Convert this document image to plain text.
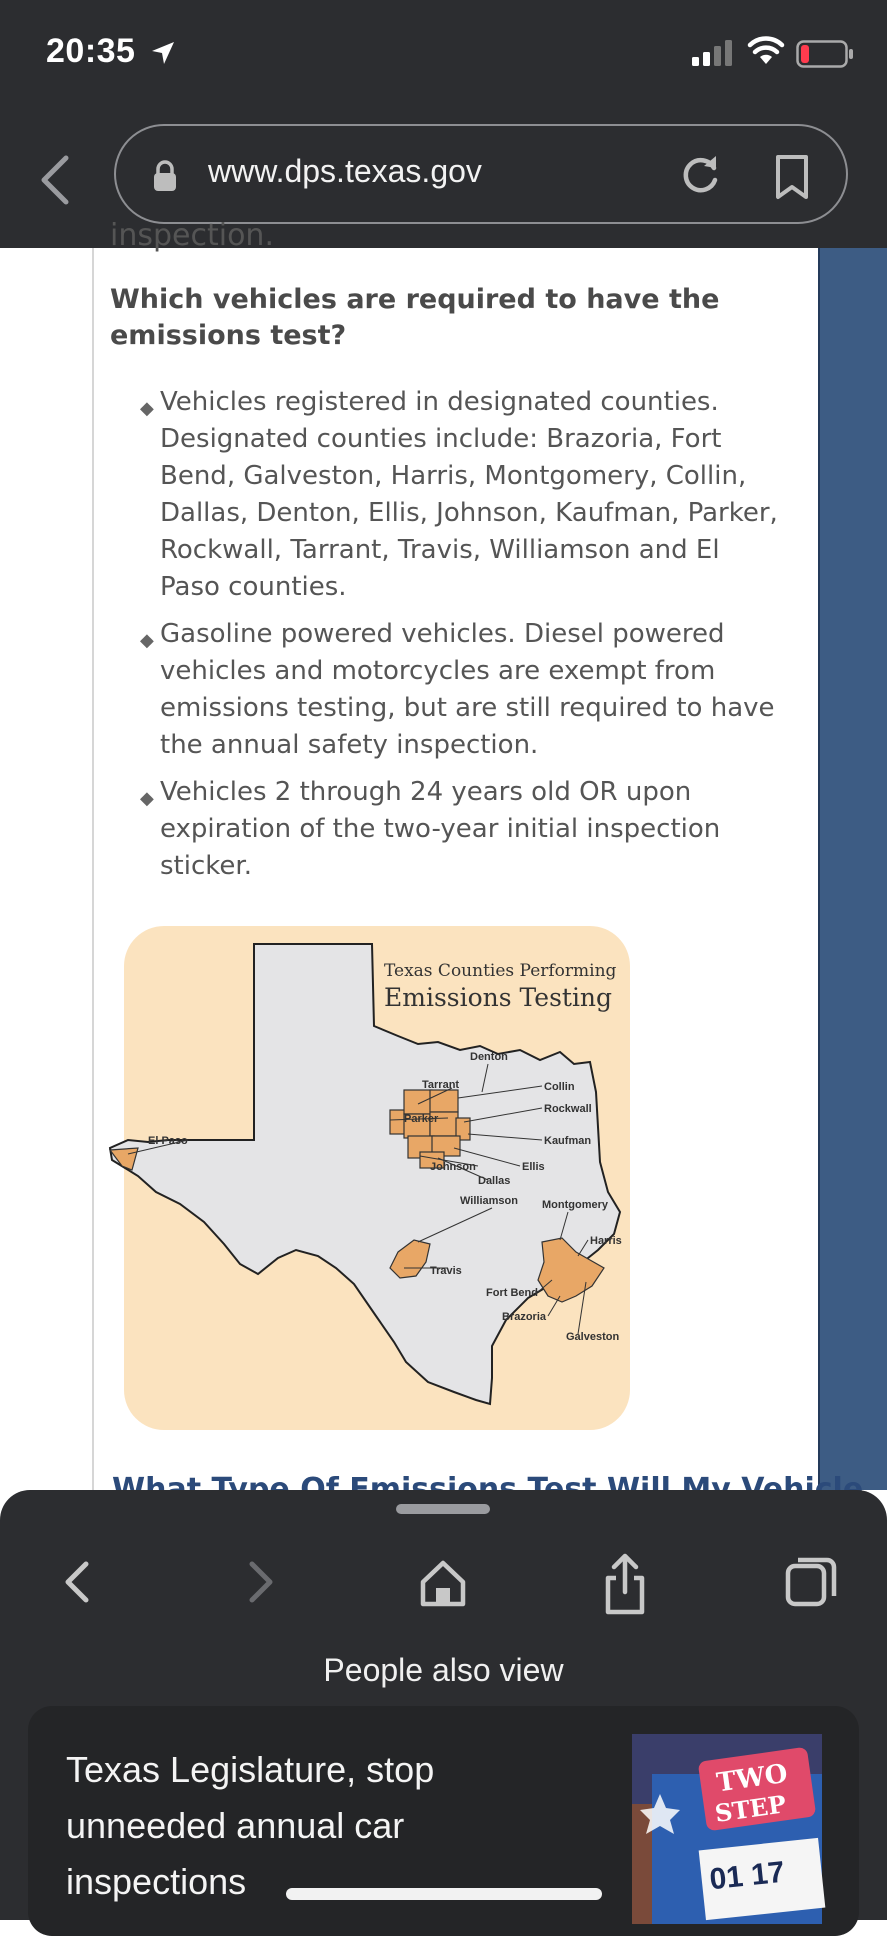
20:35
www.dps.texas.gov
inspection.
Which vehicles are required to have the emissions test?
◆ Vehicles registered in designated counties. Designated counties include: Brazoria, Fort Bend, Galveston, Harris, Montgomery, Collin, Dallas, Denton, Ellis, Johnson, Kaufman, Parker, Rockwall, Tarrant, Travis, Williamson and El Paso counties.
◆ Gasoline powered vehicles. Diesel powered vehicles and motorcycles are exempt from emissions testing, but are still required to have the annual safety inspection.
◆ Vehicles 2 through 24 years old OR upon expiration of the two-year initial inspection sticker.
Texas Counties Performing
Emissions Testing
Denton
Collin
Tarrant
Rockwall
Parker
Kaufman
El Paso
Johnson	Ellis
Dallas
Williamson Montgomery
Harris
Travis
Fort Bend
Brazoria
Galveston
People also view
Texas Legislature, stop unneeded annual car inspections
TWO
STEP
01 17
